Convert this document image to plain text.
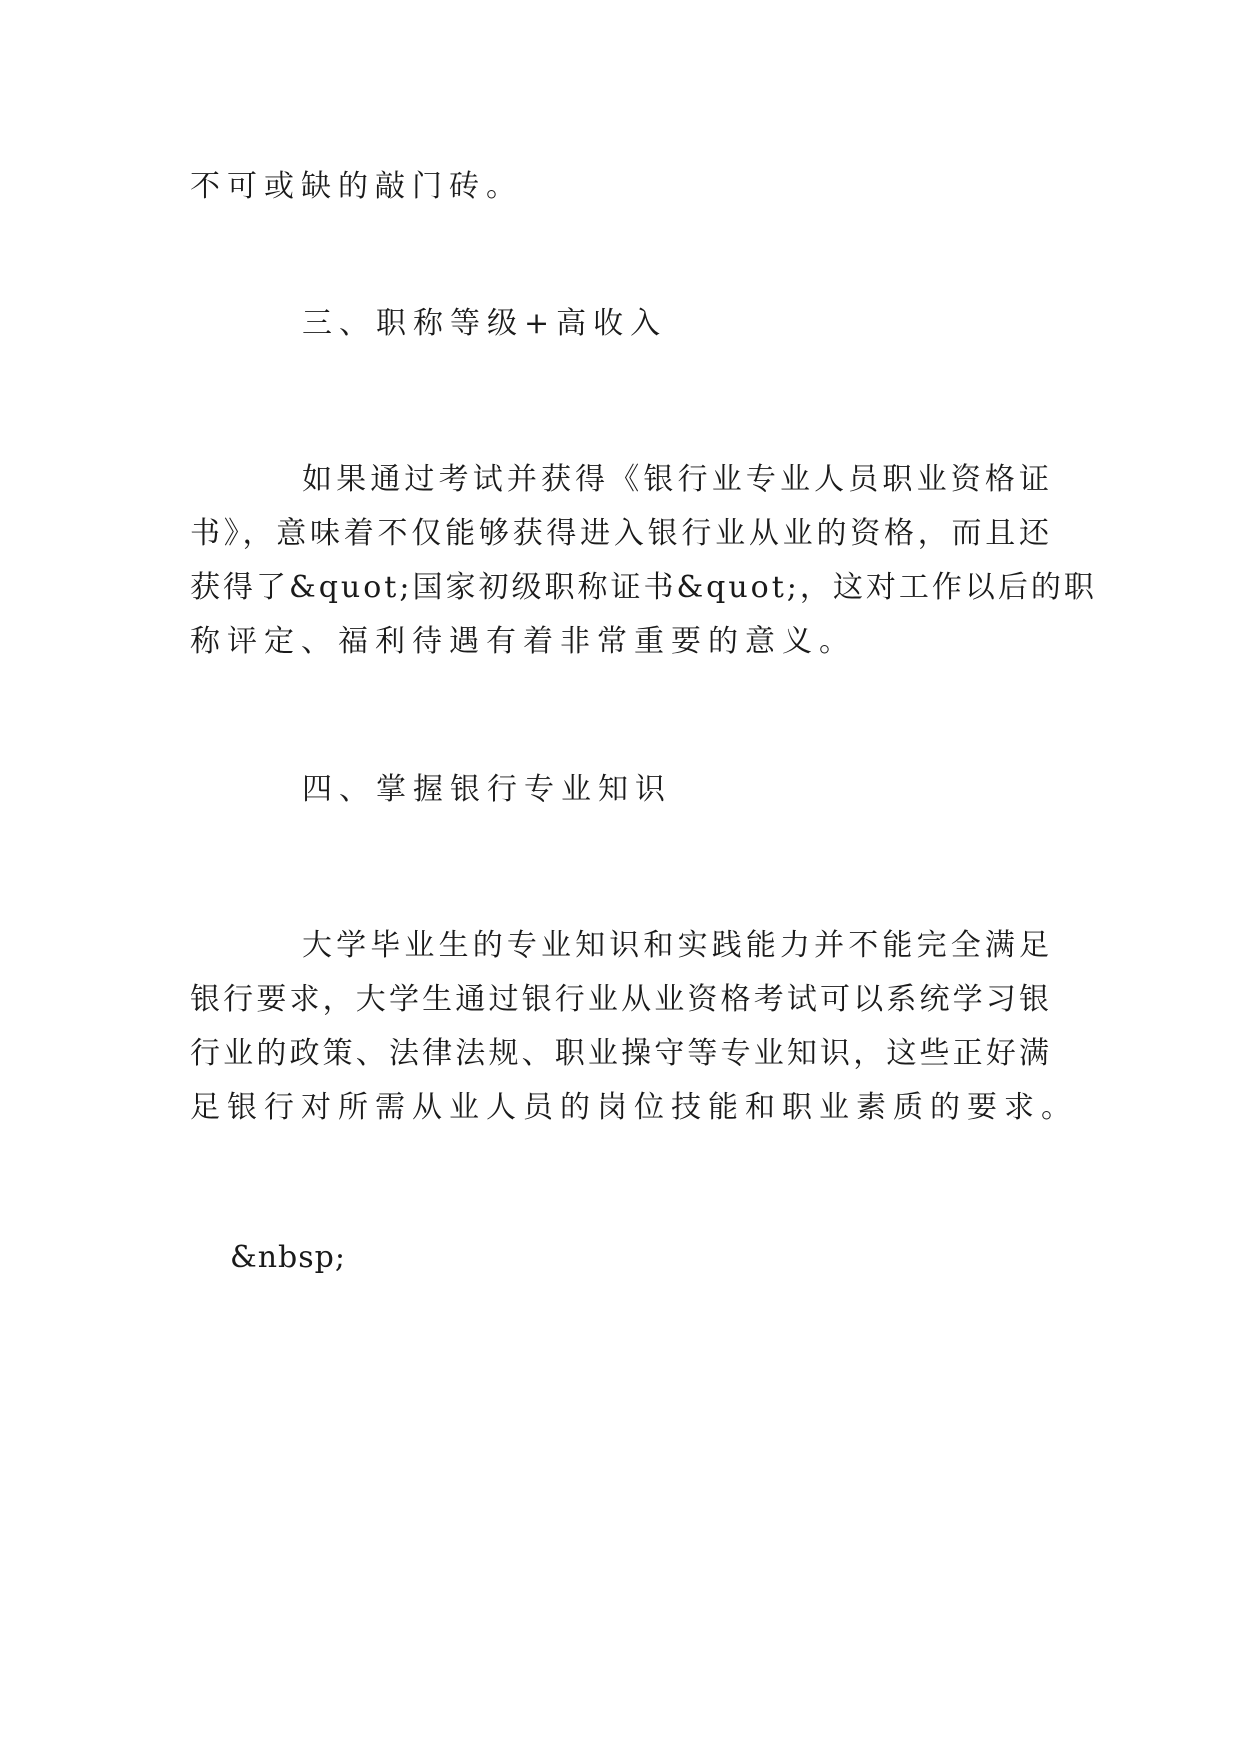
不可或缺的敲门砖。
三、职称等级+高收入
如果通过考试并获得《银行业专业人员职业资格证
书》，意味着不仅能够获得进入银行业从业的资格，而且还
获得了&quot;国家初级职称证书&quot;，这对工作以后的职
称评定、福利待遇有着非常重要的意义。
四、掌握银行专业知识
大学毕业生的专业知识和实践能力并不能完全满足
银行要求，大学生通过银行业从业资格考试可以系统学习银
行业的政策、法律法规、职业操守等专业知识，这些正好满
足银行对所需从业人员的岗位技能和职业素质的要求。
&nbsp;
